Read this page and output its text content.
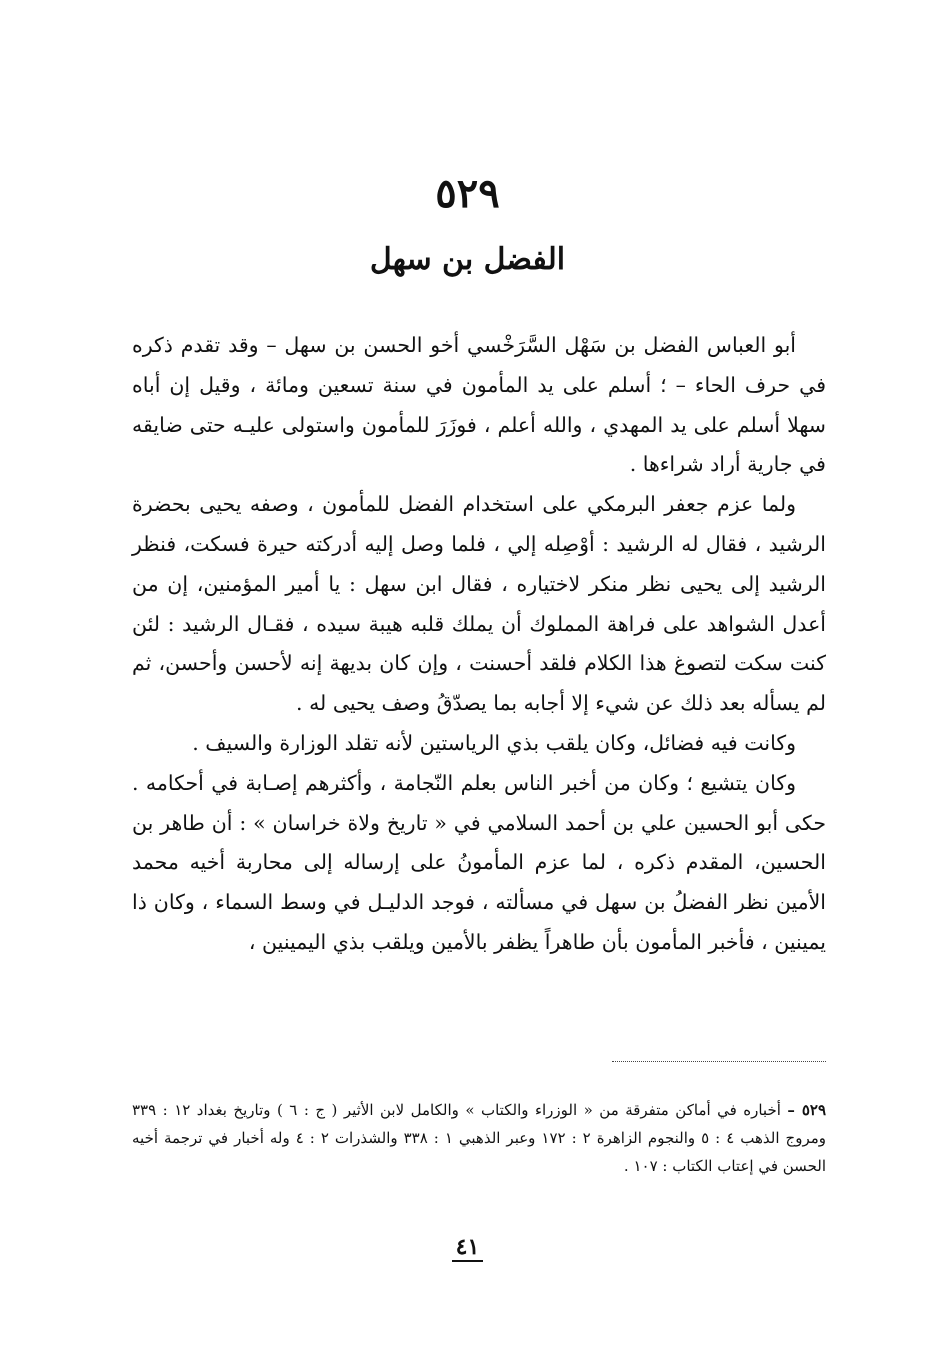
٥٢٩
الفضل بن سهل

أبو العباس الفضل بن سَهْل السَّرَخْسي أخو الحسن بن سهل – وقد تقدم ذكره في حرف الحاء – ؛ أسلم على يد المأمون في سنة تسعين ومائة ، وقيل إن أباه سهلا أسلم على يد المهدي ، والله أعلم ، فوزَرَ للمأمون واستولى عليـه حتى ضايقه في جارية أراد شراءها .

ولما عزم جعفر البرمكي على استخدام الفضل للمأمون ، وصفه يحيى بحضرة الرشيد ، فقال له الرشيد : أوْصِله إلي ، فلما وصل إليه أدركته حيرة فسكت، فنظر الرشيد إلى يحيى نظر منكر لاختياره ، فقال ابن سهل : يا أمير المؤمنين، إن من أعدل الشواهد على فراهة المملوك أن يملك قلبه هيبة سيده ، فقـال الرشيد : لئن كنت سكت لتصوغ هذا الكلام فلقد أحسنت ، وإن كان بديهة إنه لأحسن وأحسن، ثم لم يسأله بعد ذلك عن شيء إلا أجابه بما يصدّقُ وصف يحيى له .

وكانت فيه فضائل، وكان يلقب بذي الرياستين لأنه تقلد الوزارة والسيف .

وكان يتشيع ؛ وكان من أخبر الناس بعلم النّجامة ، وأكثرهم إصـابة في أحكامه . حكى أبو الحسين علي بن أحمد السلامي في « تاريخ ولاة خراسان » : أن طاهر بن الحسين، المقدم ذكره ، لما عزم المأمونُ على إرساله إلى محاربة أخيه محمد الأمين نظر الفضلُ بن سهل في مسألته ، فوجد الدليـل في وسط السماء ، وكان ذا يمينين ، فأخبر المأمون بأن طاهراً يظفر بالأمين ويلقب بذي اليمينين ،

٥٢٩ – أخباره في أماكن متفرقة من « الوزراء والكتاب » والكامل لابن الأثير ( ج : ٦ ) وتاريخ بغداد ١٢ : ٣٣٩ ومروج الذهب ٤ : ٥ والنجوم الزاهرة ٢ : ١٧٢ وعبر الذهبي ١ : ٣٣٨ والشذرات ٢ : ٤ وله أخبار في ترجمة أخيه الحسن في إعتاب الكتاب : ١٠٧ .

٤١
